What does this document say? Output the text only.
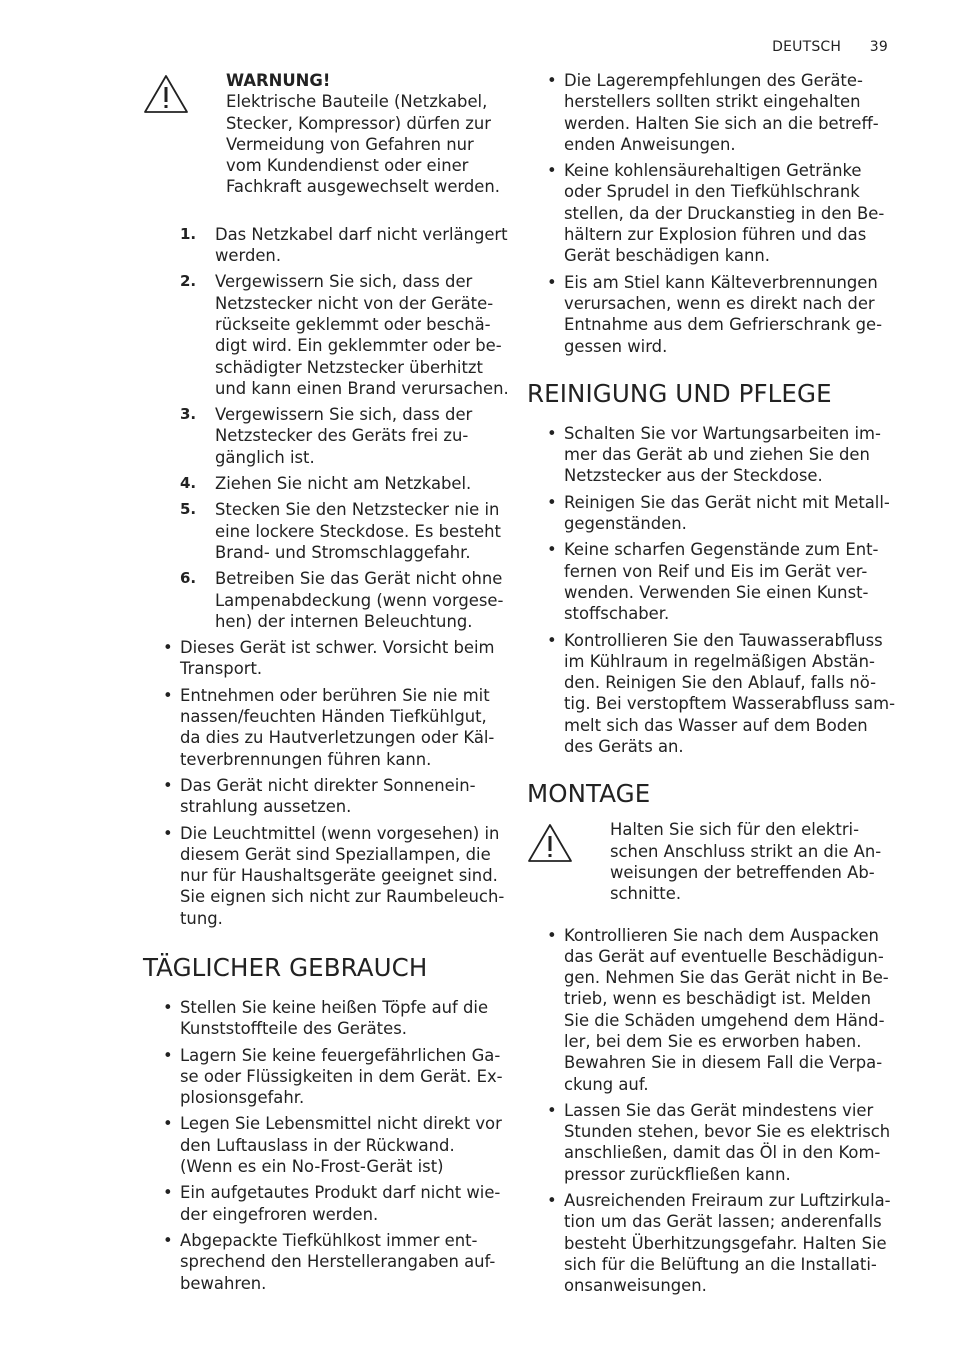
DEUTSCH 39
WARNUNG!
Elektrische Bauteile (Netzkabel,
Stecker, Kompressor) dürfen zur
Vermeidung von Gefahren nur
vom Kundendienst oder einer
Fachkraft ausgewechselt werden.
1. Das Netzkabel darf nicht verlängert
werden.
2. Vergewissern Sie sich, dass der
Netzstecker nicht von der Geräte-
rückseite geklemmt oder beschä-
digt wird. Ein geklemmter oder be-
schädigter Netzstecker überhitzt
und kann einen Brand verursachen.
3. Vergewissern Sie sich, dass der
Netzstecker des Geräts frei zu-
gänglich ist.
4. Ziehen Sie nicht am Netzkabel.
5. Stecken Sie den Netzstecker nie in
eine lockere Steckdose. Es besteht
Brand- und Stromschlaggefahr.
6. Betreiben Sie das Gerät nicht ohne
Lampenabdeckung (wenn vorgese-
hen) der internen Beleuchtung.
• Dieses Gerät ist schwer. Vorsicht beim
Transport.
• Entnehmen oder berühren Sie nie mit
nassen/feuchten Händen Tiefkühlgut,
da dies zu Hautverletzungen oder Käl-
teverbrennungen führen kann.
• Das Gerät nicht direkter Sonnenein-
strahlung aussetzen.
• Die Leuchtmittel (wenn vorgesehen) in
diesem Gerät sind Speziallampen, die
nur für Haushaltsgeräte geeignet sind.
Sie eignen sich nicht zur Raumbeleuch-
tung.
TÄGLICHER GEBRAUCH
• Stellen Sie keine heißen Töpfe auf die
Kunststoffteile des Gerätes.
• Lagern Sie keine feuergefährlichen Ga-
se oder Flüssigkeiten in dem Gerät. Ex-
plosionsgefahr.
• Legen Sie Lebensmittel nicht direkt vor
den Luftauslass in der Rückwand.
(Wenn es ein No-Frost-Gerät ist)
• Ein aufgetautes Produkt darf nicht wie-
der eingefroren werden.
• Abgepackte Tiefkühlkost immer ent-
sprechend den Herstellerangaben auf-
bewahren.
• Die Lagerempfehlungen des Geräte-
herstellers sollten strikt eingehalten
werden. Halten Sie sich an die betreff-
enden Anweisungen.
• Keine kohlensäurehaltigen Getränke
oder Sprudel in den Tiefkühlschrank
stellen, da der Druckanstieg in den Be-
hältern zur Explosion führen und das
Gerät beschädigen kann.
• Eis am Stiel kann Kälteverbrennungen
verursachen, wenn es direkt nach der
Entnahme aus dem Gefrierschrank ge-
gessen wird.
REINIGUNG UND PFLEGE
• Schalten Sie vor Wartungsarbeiten im-
mer das Gerät ab und ziehen Sie den
Netzstecker aus der Steckdose.
• Reinigen Sie das Gerät nicht mit Metall-
gegenständen.
• Keine scharfen Gegenstände zum Ent-
fernen von Reif und Eis im Gerät ver-
wenden. Verwenden Sie einen Kunst-
stoffschaber.
• Kontrollieren Sie den Tauwasserabfluss
im Kühlraum in regelmäßigen Abstän-
den. Reinigen Sie den Ablauf, falls nö-
tig. Bei verstopftem Wasserabfluss sam-
melt sich das Wasser auf dem Boden
des Geräts an.
MONTAGE
Halten Sie sich für den elektri-
schen Anschluss strikt an die An-
weisungen der betreffenden Ab-
schnitte.
• Kontrollieren Sie nach dem Auspacken
das Gerät auf eventuelle Beschädigun-
gen. Nehmen Sie das Gerät nicht in Be-
trieb, wenn es beschädigt ist. Melden
Sie die Schäden umgehend dem Händ-
ler, bei dem Sie es erworben haben.
Bewahren Sie in diesem Fall die Verpa-
ckung auf.
• Lassen Sie das Gerät mindestens vier
Stunden stehen, bevor Sie es elektrisch
anschließen, damit das Öl in den Kom-
pressor zurückfließen kann.
• Ausreichenden Freiraum zur Luftzirkula-
tion um das Gerät lassen; anderenfalls
besteht Überhitzungsgefahr. Halten Sie
sich für die Belüftung an die Installati-
onsanweisungen.
